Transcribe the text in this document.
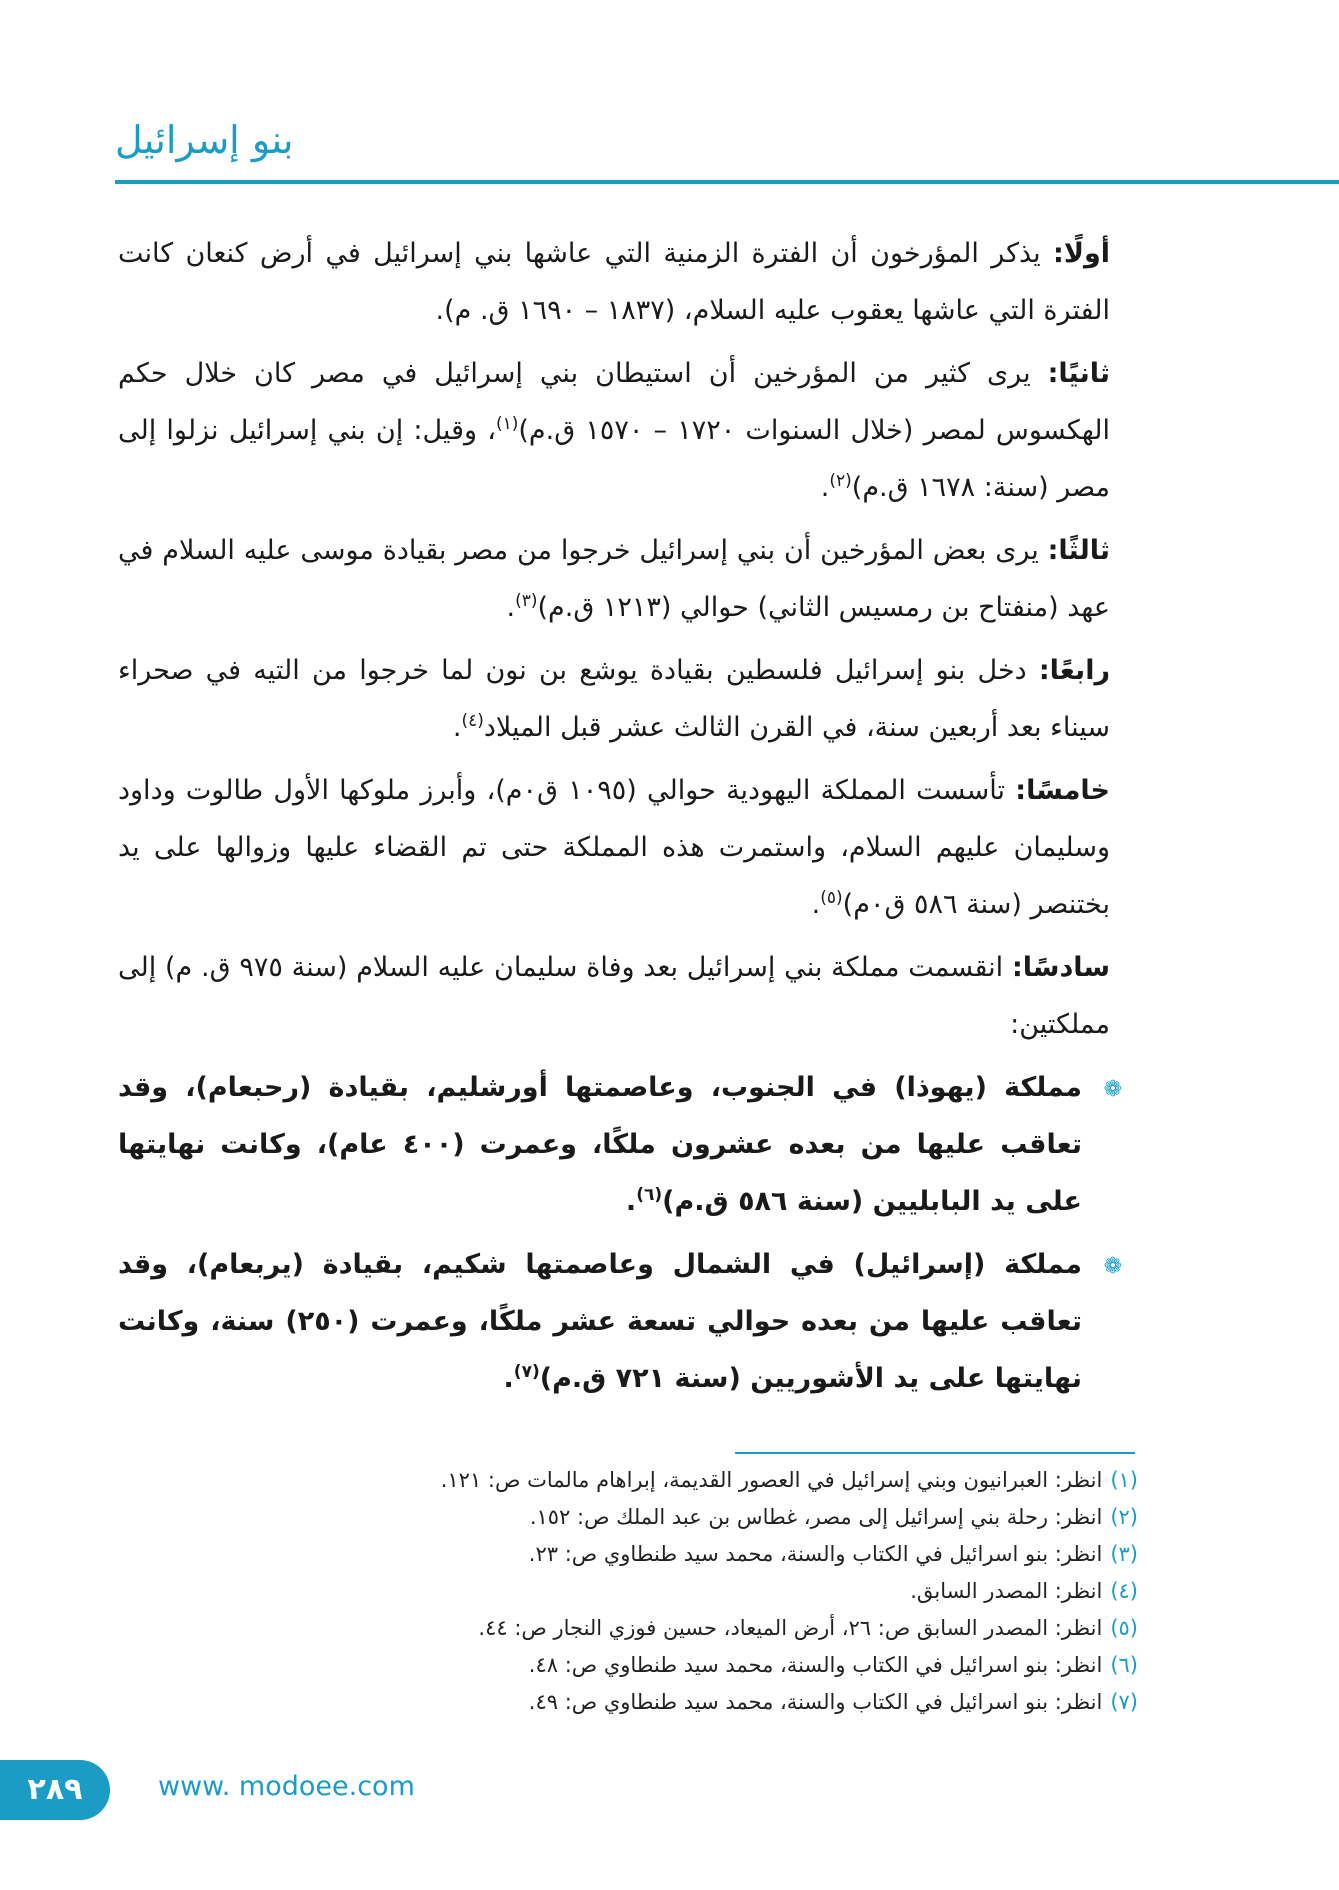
بنو إسرائيل

أولًا: يذكر المؤرخون أن الفترة الزمنية التي عاشها بني إسرائيل في أرض كنعان كانت الفترة التي عاشها يعقوب عليه السلام، (١٨٣٧ – ١٦٩٠ ق. م).

ثانيًا: يرى كثير من المؤرخين أن استيطان بني إسرائيل في مصر كان خلال حكم الهكسوس لمصر (خلال السنوات ١٧٢٠ – ١٥٧٠ ق.م)$^{(١)}$، وقيل: إن بني إسرائيل نزلوا إلى مصر (سنة: ١٦٧٨ ق.م)$^{(٢)}$.

ثالثًا: يرى بعض المؤرخين أن بني إسرائيل خرجوا من مصر بقيادة موسى عليه السلام في عهد (منفتاح بن رمسيس الثاني) حوالي (١٢١٣ ق.م)$^{(٣)}$.

رابعًا: دخل بنو إسرائيل فلسطين بقيادة يوشع بن نون لما خرجوا من التيه في صحراء سيناء بعد أربعين سنة، في القرن الثالث عشر قبل الميلاد$^{(٤)}$.

خامسًا: تأسست المملكة اليهودية حوالي (١٠٩٥ ق٠م)، وأبرز ملوكها الأول طالوت وداود وسليمان عليهم السلام، واستمرت هذه المملكة حتى تم القضاء عليها وزوالها على يد بختنصر (سنة ٥٨٦ ق٠م)$^{(٥)}$.

سادسًا: انقسمت مملكة بني إسرائيل بعد وفاة سليمان عليه السلام (سنة ٩٧٥ ق. م) إلى مملكتين:

❁
مملكة (يهوذا) في الجنوب، وعاصمتها أورشليم، بقيادة (رحبعام)، وقد تعاقب عليها من بعده عشرون ملكًا، وعمرت (٤٠٠ عام)، وكانت نهايتها على يد البابليين (سنة ٥٨٦ ق.م)$^{(٦)}$.

❁
مملكة (إسرائيل) في الشمال وعاصمتها شكيم، بقيادة (يربعام)، وقد تعاقب عليها من بعده حوالي تسعة عشر ملكًا، وعمرت (٢٥٠) سنة، وكانت نهايتها على يد الأشوريين (سنة ٧٢١ ق.م)$^{(٧)}$.

(١)انظر: العبرانيون وبني إسرائيل في العصور القديمة، إبراهام مالمات ص: ١٢١.
(٢)انظر: رحلة بني إسرائيل إلى مصر، غطاس بن عبد الملك ص: ١٥٢.
(٣)انظر: بنو اسرائيل في الكتاب والسنة، محمد سيد طنطاوي ص: ٢٣.
(٤)انظر: المصدر السابق.
(٥)انظر: المصدر السابق ص: ٢٦، أرض الميعاد، حسين فوزي النجار ص: ٤٤.
(٦)انظر: بنو اسرائيل في الكتاب والسنة، محمد سيد طنطاوي ص: ٤٨.
(٧)انظر: بنو اسرائيل في الكتاب والسنة، محمد سيد طنطاوي ص: ٤٩.
٢٨٩	www. modoee.com
